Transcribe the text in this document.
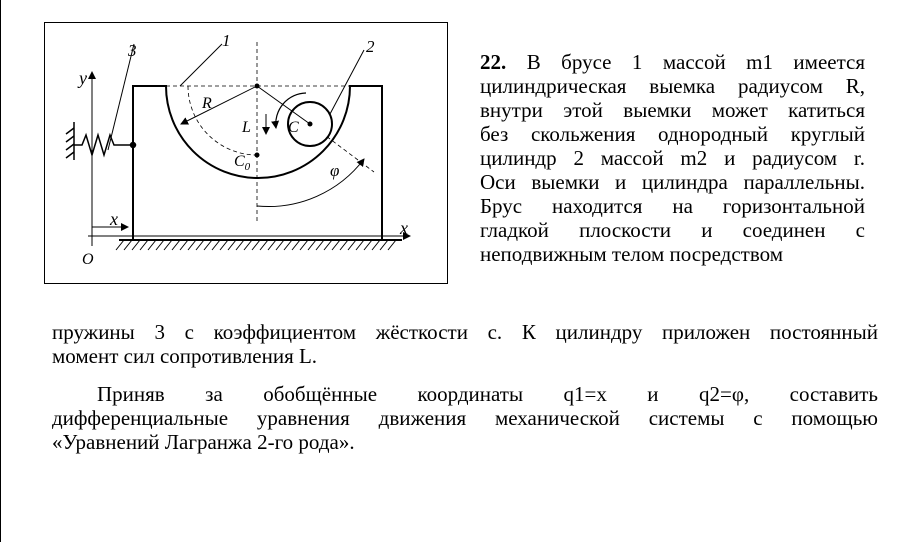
3
1	2
y
x
x
O
R
L C
$C_0$	φ
22. В брусе 1 массой m1 имеется
цилиндрическая выемка радиусом R,
внутри этой выемки может катиться
без скольжения однородный круглый
цилиндр 2 массой m2 и радиусом r.
Оси выемки и цилиндра параллельны.
Брус находится на горизонтальной
гладкой плоскости и соединен с
неподвижным телом посредством
пружины 3 с коэффициентом жёсткости c. К цилиндру приложен постоянный
момент сил сопротивления L.
Приняв за обобщённые координаты q1=x и q2=φ, составить
дифференциальные уравнения движения механической системы с помощью
«Уравнений Лагранжа 2-го рода».
